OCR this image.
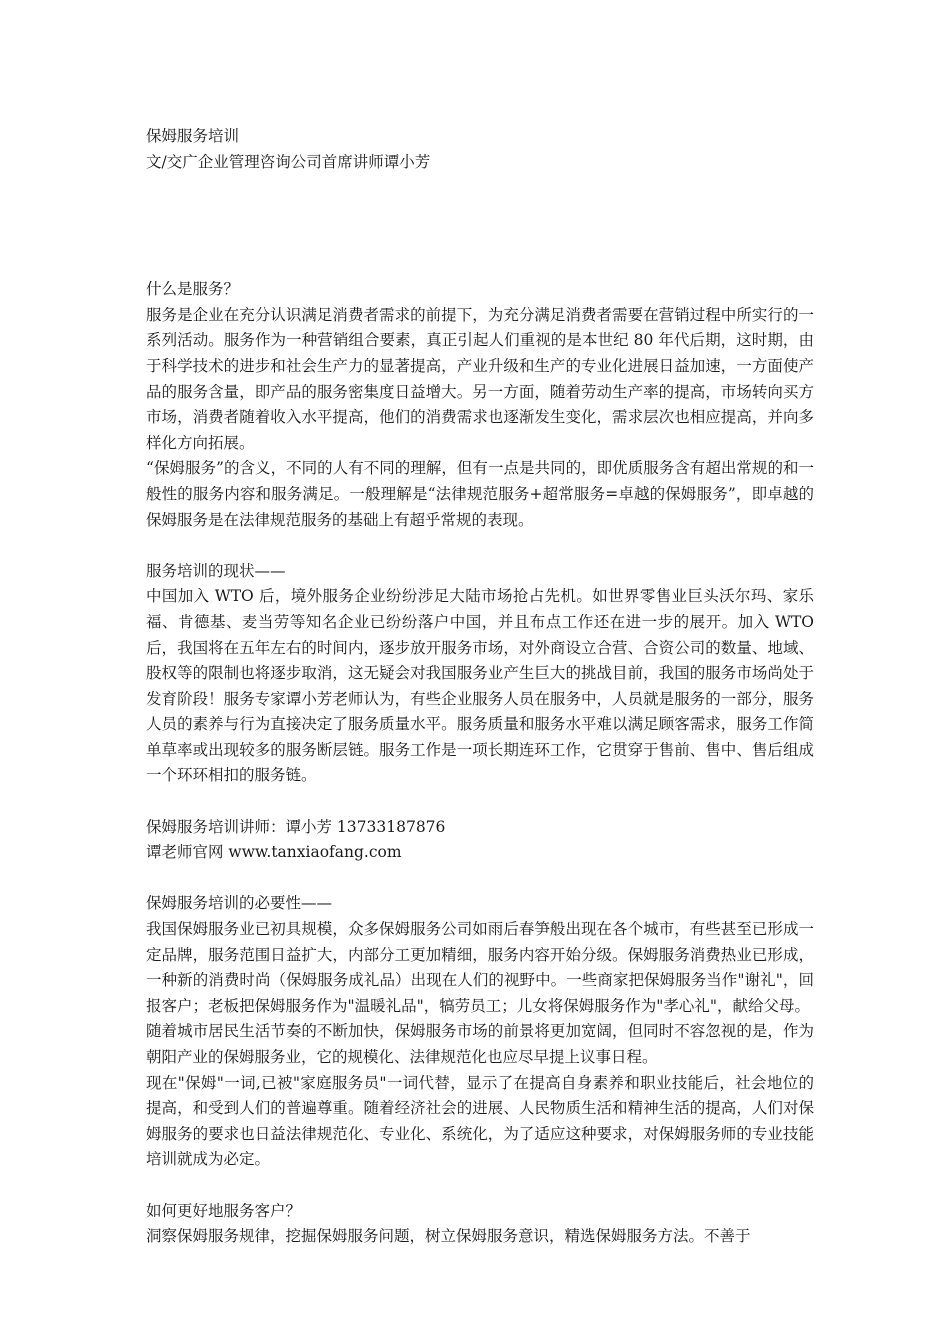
保姆服务培训
文/交广企业管理咨询公司首席讲师谭小芳
什么是服务？
服务是企业在充分认识满足消费者需求的前提下，为充分满足消费者需要在营销过程中所实行的一系列活动。服务作为一种营销组合要素，真正引起人们重视的是本世纪 80 年代后期，这时期，由于科学技术的进步和社会生产力的显著提高，产业升级和生产的专业化进展日益加速，一方面使产品的服务含量，即产品的服务密集度日益增大。另一方面，随着劳动生产率的提高，市场转向买方市场，消费者随着收入水平提高，他们的消费需求也逐渐发生变化，需求层次也相应提高，并向多样化方向拓展。
“保姆服务”的含义，不同的人有不同的理解，但有一点是共同的，即优质服务含有超出常规的和一般性的服务内容和服务满足。一般理解是“法律规范服务+超常服务=卓越的保姆服务”，即卓越的保姆服务是在法律规范服务的基础上有超乎常规的表现。
服务培训的现状——
中国加入 WTO 后，境外服务企业纷纷涉足大陆市场抢占先机。如世界零售业巨头沃尔玛、家乐福、肯德基、麦当劳等知名企业已纷纷落户中国，并且布点工作还在进一步的展开。加入 WTO 后，我国将在五年左右的时间内，逐步放开服务市场，对外商设立合营、合资公司的数量、地域、股权等的限制也将逐步取消，这无疑会对我国服务业产生巨大的挑战目前，我国的服务市场尚处于发育阶段！服务专家谭小芳老师认为，有些企业服务人员在服务中，人员就是服务的一部分，服务人员的素养与行为直接决定了服务质量水平。服务质量和服务水平难以满足顾客需求，服务工作简单草率或出现较多的服务断层链。服务工作是一项长期连环工作，它贯穿于售前、售中、售后组成一个环环相扣的服务链。
保姆服务培训讲师：谭小芳 13733187876
谭老师官网 www.tanxiaofang.com
保姆服务培训的必要性——
我国保姆服务业已初具规模，众多保姆服务公司如雨后春笋般出现在各个城市，有些甚至已形成一定品牌，服务范围日益扩大，内部分工更加精细，服务内容开始分级。保姆服务消费热业已形成，一种新的消费时尚（保姆服务成礼品）出现在人们的视野中。一些商家把保姆服务当作"谢礼"，回报客户；老板把保姆服务作为"温暖礼品"，犒劳员工；儿女将保姆服务作为"孝心礼"，献给父母。
随着城市居民生活节奏的不断加快，保姆服务市场的前景将更加宽阔，但同时不容忽视的是，作为朝阳产业的保姆服务业，它的规模化、法律规范化也应尽早提上议事日程。
现在"保姆"一词,已被"家庭服务员"一词代替，显示了在提高自身素养和职业技能后，社会地位的提高，和受到人们的普遍尊重。随着经济社会的进展、人民物质生活和精神生活的提高，人们对保姆服务的要求也日益法律规范化、专业化、系统化，为了适应这种要求，对保姆服务师的专业技能培训就成为必定。
如何更好地服务客户？
洞察保姆服务规律，挖掘保姆服务问题，树立保姆服务意识，精选保姆服务方法。不善于
